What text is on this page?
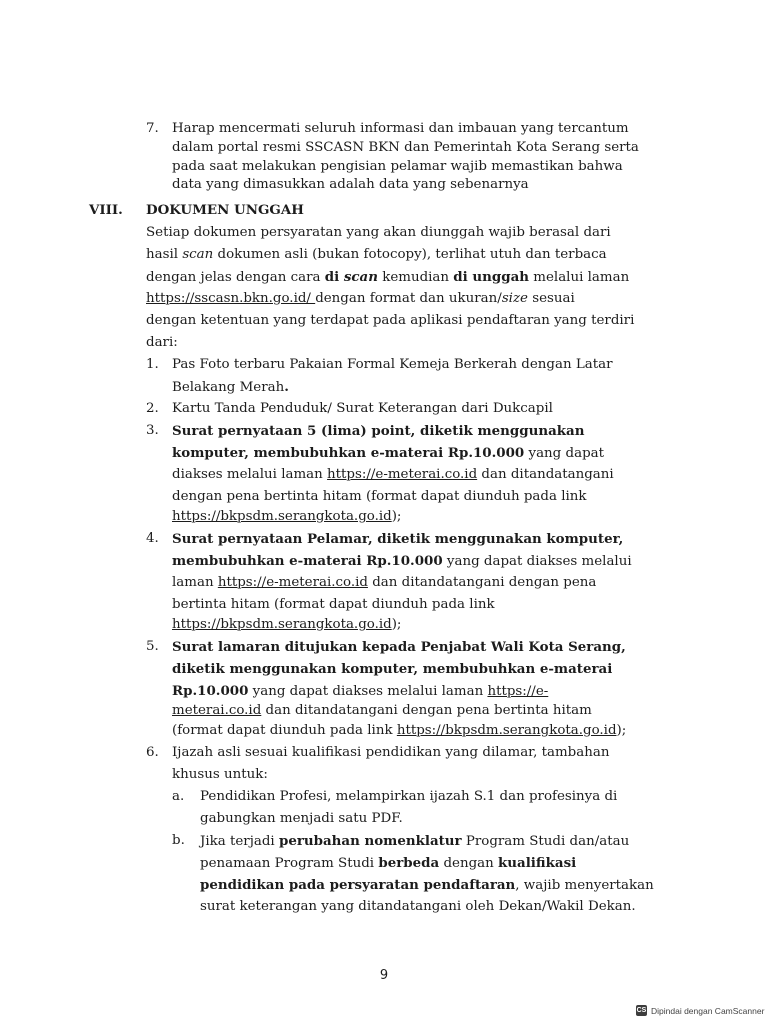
7. Harap mencermati seluruh informasi dan imbauan yang tercantum
dalam portal resmi SSCASN BKN dan Pemerintah Kota Serang serta
pada saat melakukan pengisian pelamar wajib memastikan bahwa
data yang dimasukkan adalah data yang sebenarnya
VIII. DOKUMEN UNGGAH
Setiap dokumen persyaratan yang akan diunggah wajib berasal dari
hasil scan dokumen asli (bukan fotocopy), terlihat utuh dan terbaca
dengan jelas dengan cara di scan kemudian di unggah melalui laman
https://sscasn.bkn.go.id/ dengan format dan ukuran/size sesuai
dengan ketentuan yang terdapat pada aplikasi pendaftaran yang terdiri
dari:
1. Pas Foto terbaru Pakaian Formal Kemeja Berkerah dengan Latar
Belakang Merah.
2. Kartu Tanda Penduduk/ Surat Keterangan dari Dukcapil
3. Surat pernyataan 5 (lima) point, diketik menggunakan
komputer, membubuhkan e-materai Rp.10.000 yang dapat
diakses melalui laman https://e-meterai.co.id dan ditandatangani
dengan pena bertinta hitam (format dapat diunduh pada link
https://bkpsdm.serangkota.go.id);
4. Surat pernyataan Pelamar, diketik menggunakan komputer,
membubuhkan e-materai Rp.10.000 yang dapat diakses melalui
laman https://e-meterai.co.id dan ditandatangani dengan pena
bertinta hitam (format dapat diunduh pada link
https://bkpsdm.serangkota.go.id);
5. Surat lamaran ditujukan kepada Penjabat Wali Kota Serang,
diketik menggunakan komputer, membubuhkan e-materai
Rp.10.000 yang dapat diakses melalui laman https://e-
meterai.co.id dan ditandatangani dengan pena bertinta hitam
(format dapat diunduh pada link https://bkpsdm.serangkota.go.id);
6. Ijazah asli sesuai kualifikasi pendidikan yang dilamar, tambahan
khusus untuk:
a. Pendidikan Profesi, melampirkan ijazah S.1 dan profesinya di
gabungkan menjadi satu PDF.
b. Jika terjadi perubahan nomenklatur Program Studi dan/atau
penamaan Program Studi berbeda dengan kualifikasi
pendidikan pada persyaratan pendaftaran, wajib menyertakan
surat keterangan yang ditandatangani oleh Dekan/Wakil Dekan.
9
CS Dipindai dengan CamScanner
